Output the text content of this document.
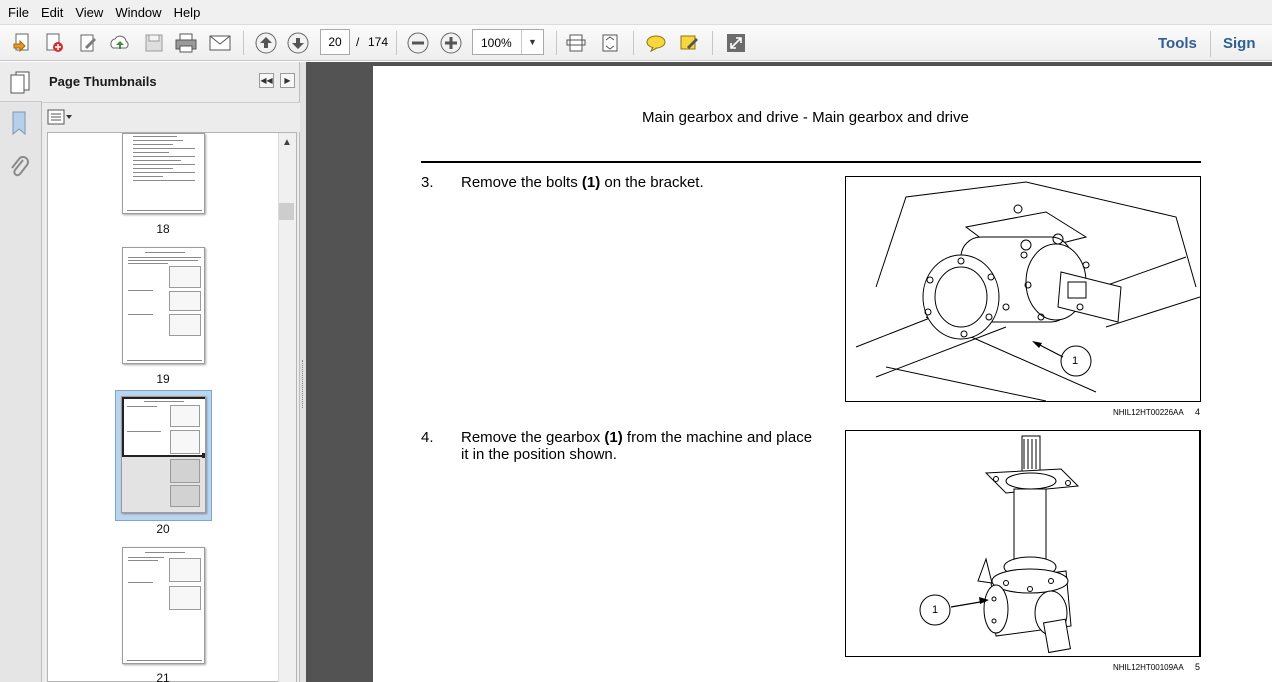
File Edit View Window Help
20	/ 174	100%	▼	Tools Sign
Page Thumbnails	◀◀	▶
18
19
20
21
▲
Main gearbox and drive - Main gearbox and drive
3. Remove the bolts (1) on the bracket.
1
NHIL12HT00226AA 4
4. Remove the gearbox (1) from the machine and place it in the position shown.
1
NHIL12HT00109AA 5
